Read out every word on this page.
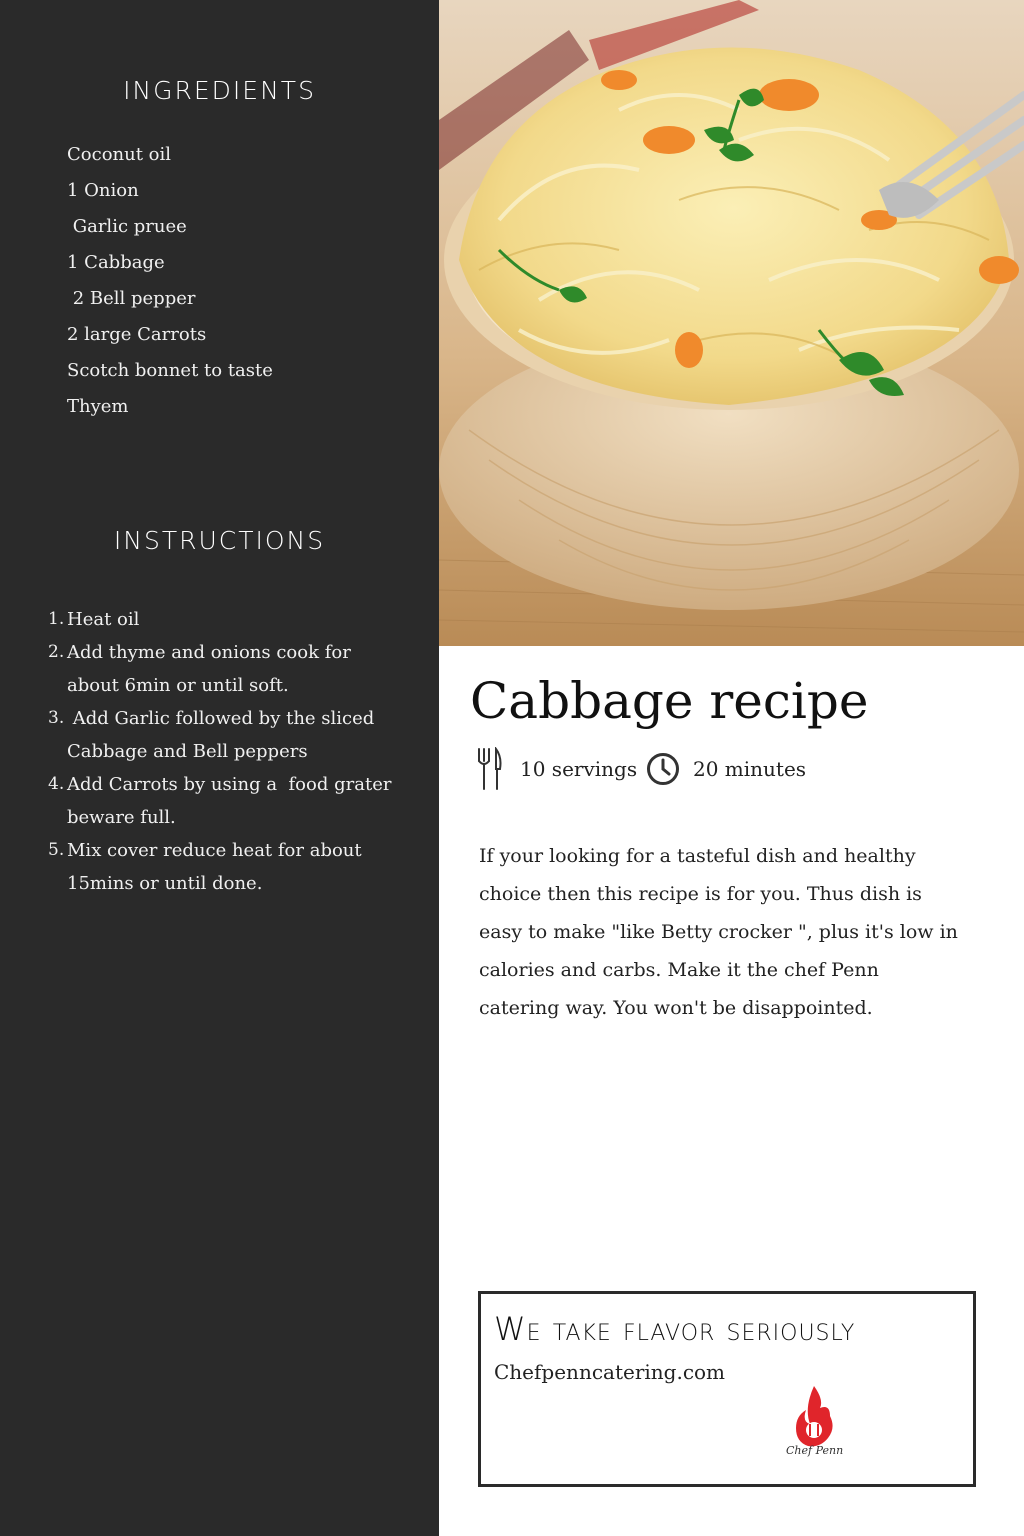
INGREDIENTS
Coconut oil
1 Onion
Garlic pruee
1 Cabbage
2 Bell pepper
2 large Carrots
Scotch bonnet to taste
Thyem
INSTRUCTIONS
1. Heat oil
2. Add thyme and onions cook for about 6min or until soft.
3. Add Garlic followed by the sliced Cabbage and Bell peppers
4. Add Carrots by using a  food grater beware full.
5. Mix cover reduce heat for about 15mins or until done.
Cabbage recipe
10 servings	20 minutes

If your looking for a tasteful dish and healthy choice then this recipe is for you. Thus dish is easy to make "like Betty crocker ", plus it's low in calories and carbs. Make it the chef Penn catering way. You won't be disappointed.

We take flavor seriously

Chefpenncatering.com
Chef Penn
